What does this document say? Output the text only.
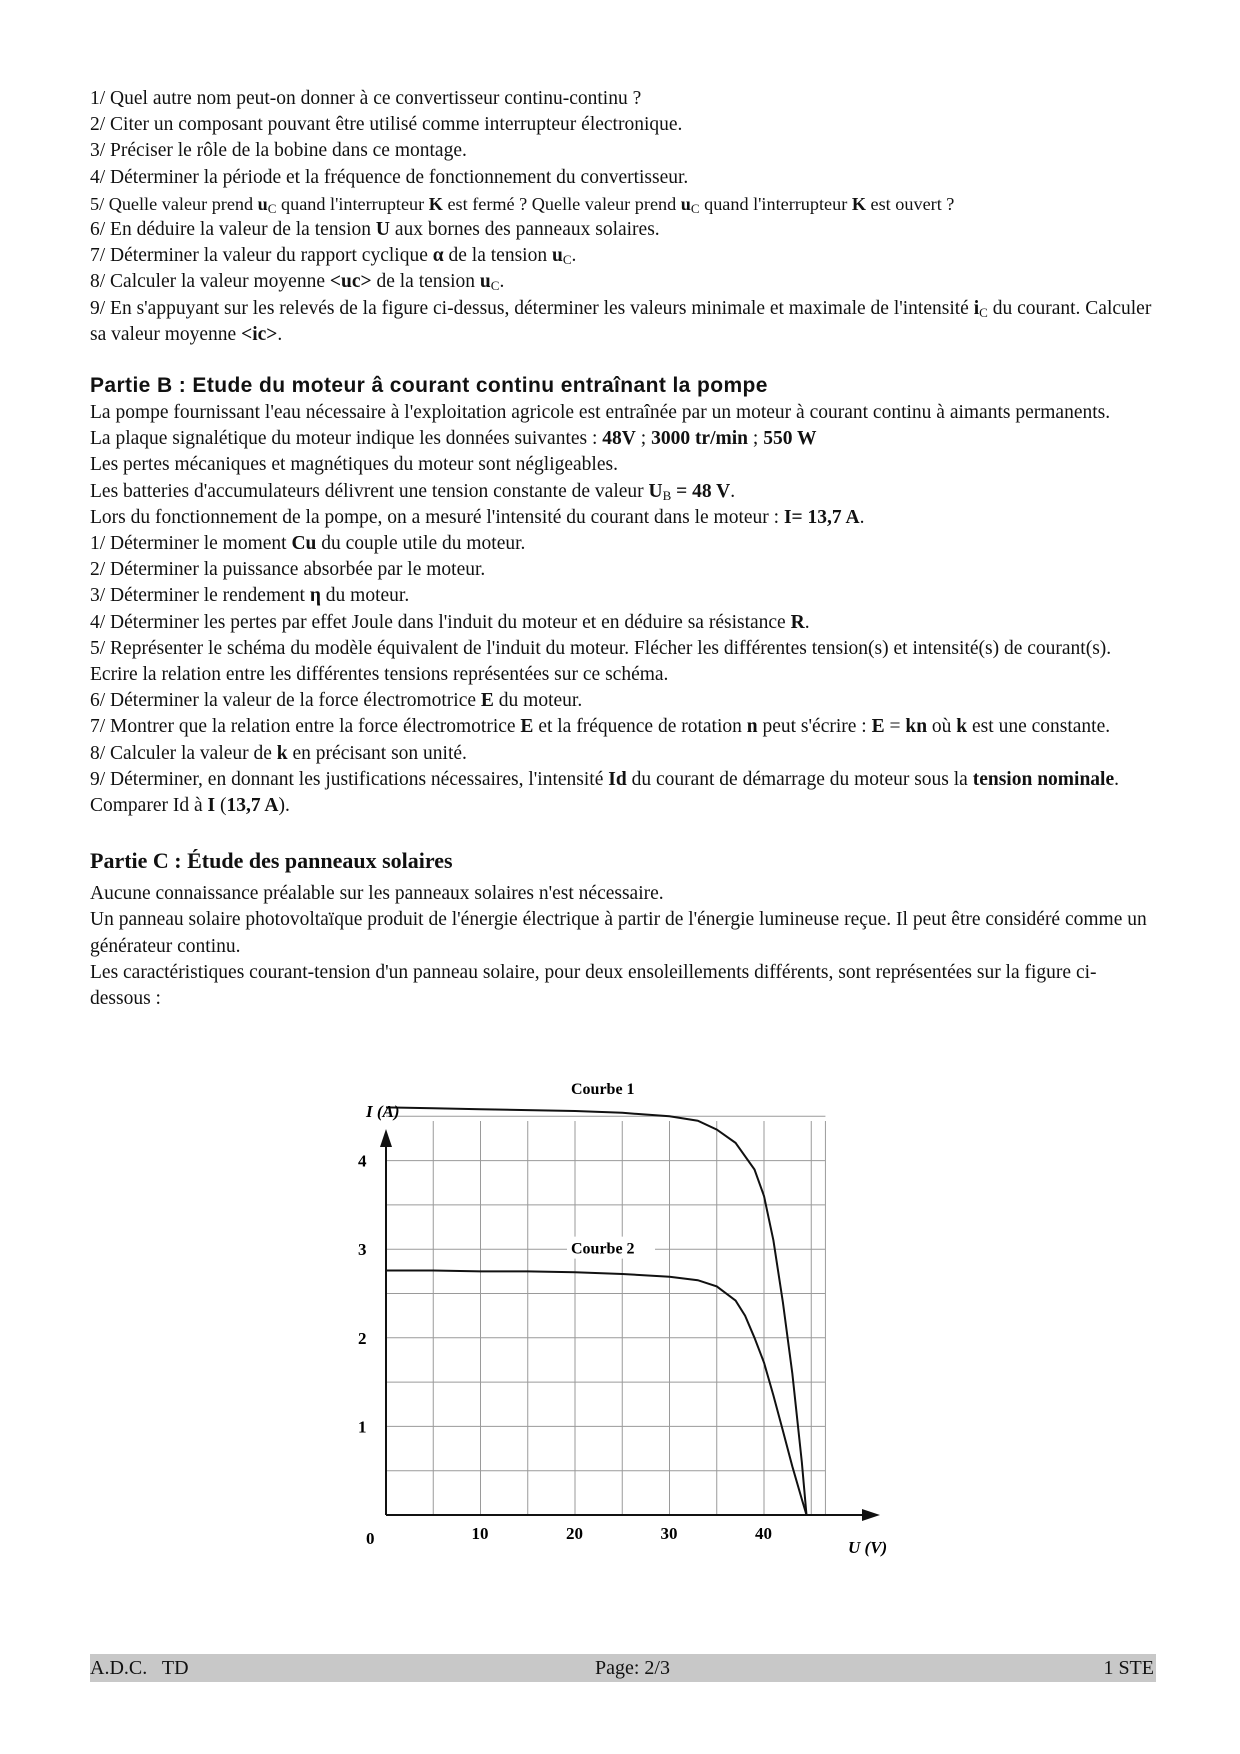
1/ Quel autre nom peut-on donner à ce convertisseur continu-continu ?

2/ Citer un composant pouvant être utilisé comme interrupteur électronique.

3/ Préciser le rôle de la bobine dans ce montage.

4/ Déterminer la période et la fréquence de fonctionnement du convertisseur.

5/ Quelle valeur prend $u_C$ quand l'interrupteur K est fermé ? Quelle valeur prend $u_C$ quand l'interrupteur K est ouvert ?

6/ En déduire la valeur de la tension U aux bornes des panneaux solaires.

7/ Déterminer la valeur du rapport cyclique α de la tension $u_C$.

8/ Calculer la valeur moyenne <uc> de la tension $u_C$.

9/ En s'appuyant sur les relevés de la figure ci-dessus, déterminer les valeurs minimale et maximale de l'intensité $i_C$ du courant. Calculer sa valeur moyenne <ic>.

Partie B : Etude du moteur â courant continu entraînant la pompe

La pompe fournissant l'eau nécessaire à l'exploitation agricole est entraînée par un moteur à courant continu à aimants permanents.

La plaque signalétique du moteur indique les données suivantes : 48V ; 3000 tr/min ; 550 W

Les pertes mécaniques et magnétiques du moteur sont négligeables.

Les batteries d'accumulateurs délivrent une tension constante de valeur $U_B = 48$ V.

Lors du fonctionnement de la pompe, on a mesuré l'intensité du courant dans le moteur : I= 13,7 A.

1/ Déterminer le moment Cu du couple utile du moteur.

2/ Déterminer la puissance absorbée par le moteur.

3/ Déterminer le rendement η du moteur.

4/ Déterminer les pertes par effet Joule dans l'induit du moteur et en déduire sa résistance R.

5/ Représenter le schéma du modèle équivalent de l'induit du moteur. Flécher les différentes tension(s) et intensité(s) de courant(s). Ecrire la relation entre les différentes tensions représentées sur ce schéma.

6/ Déterminer la valeur de la force électromotrice E du moteur.

7/ Montrer que la relation entre la force électromotrice E et la fréquence de rotation n peut s'écrire : E = kn où k est une constante.

8/ Calculer la valeur de k en précisant son unité.

9/ Déterminer, en donnant les justifications nécessaires, l'intensité Id du courant de démarrage du moteur sous la tension nominale. Comparer Id à I (13,7 A).

Partie C : Étude des panneaux solaires

Aucune connaissance préalable sur les panneaux solaires n'est nécessaire.

Un panneau solaire photovoltaïque produit de l'énergie électrique à partir de l'énergie lumineuse reçue. Il peut être considéré comme un générateur continu.

Les caractéristiques courant-tension d'un panneau solaire, pour deux ensoleillements différents, sont représentées sur la figure ci-dessous :

10	20	30	40
1
2
3
4
Courbe 1
Courbe 2
I (A)
U (V)
0
A.D.C.   TD	Page: 2/3	1 STE
